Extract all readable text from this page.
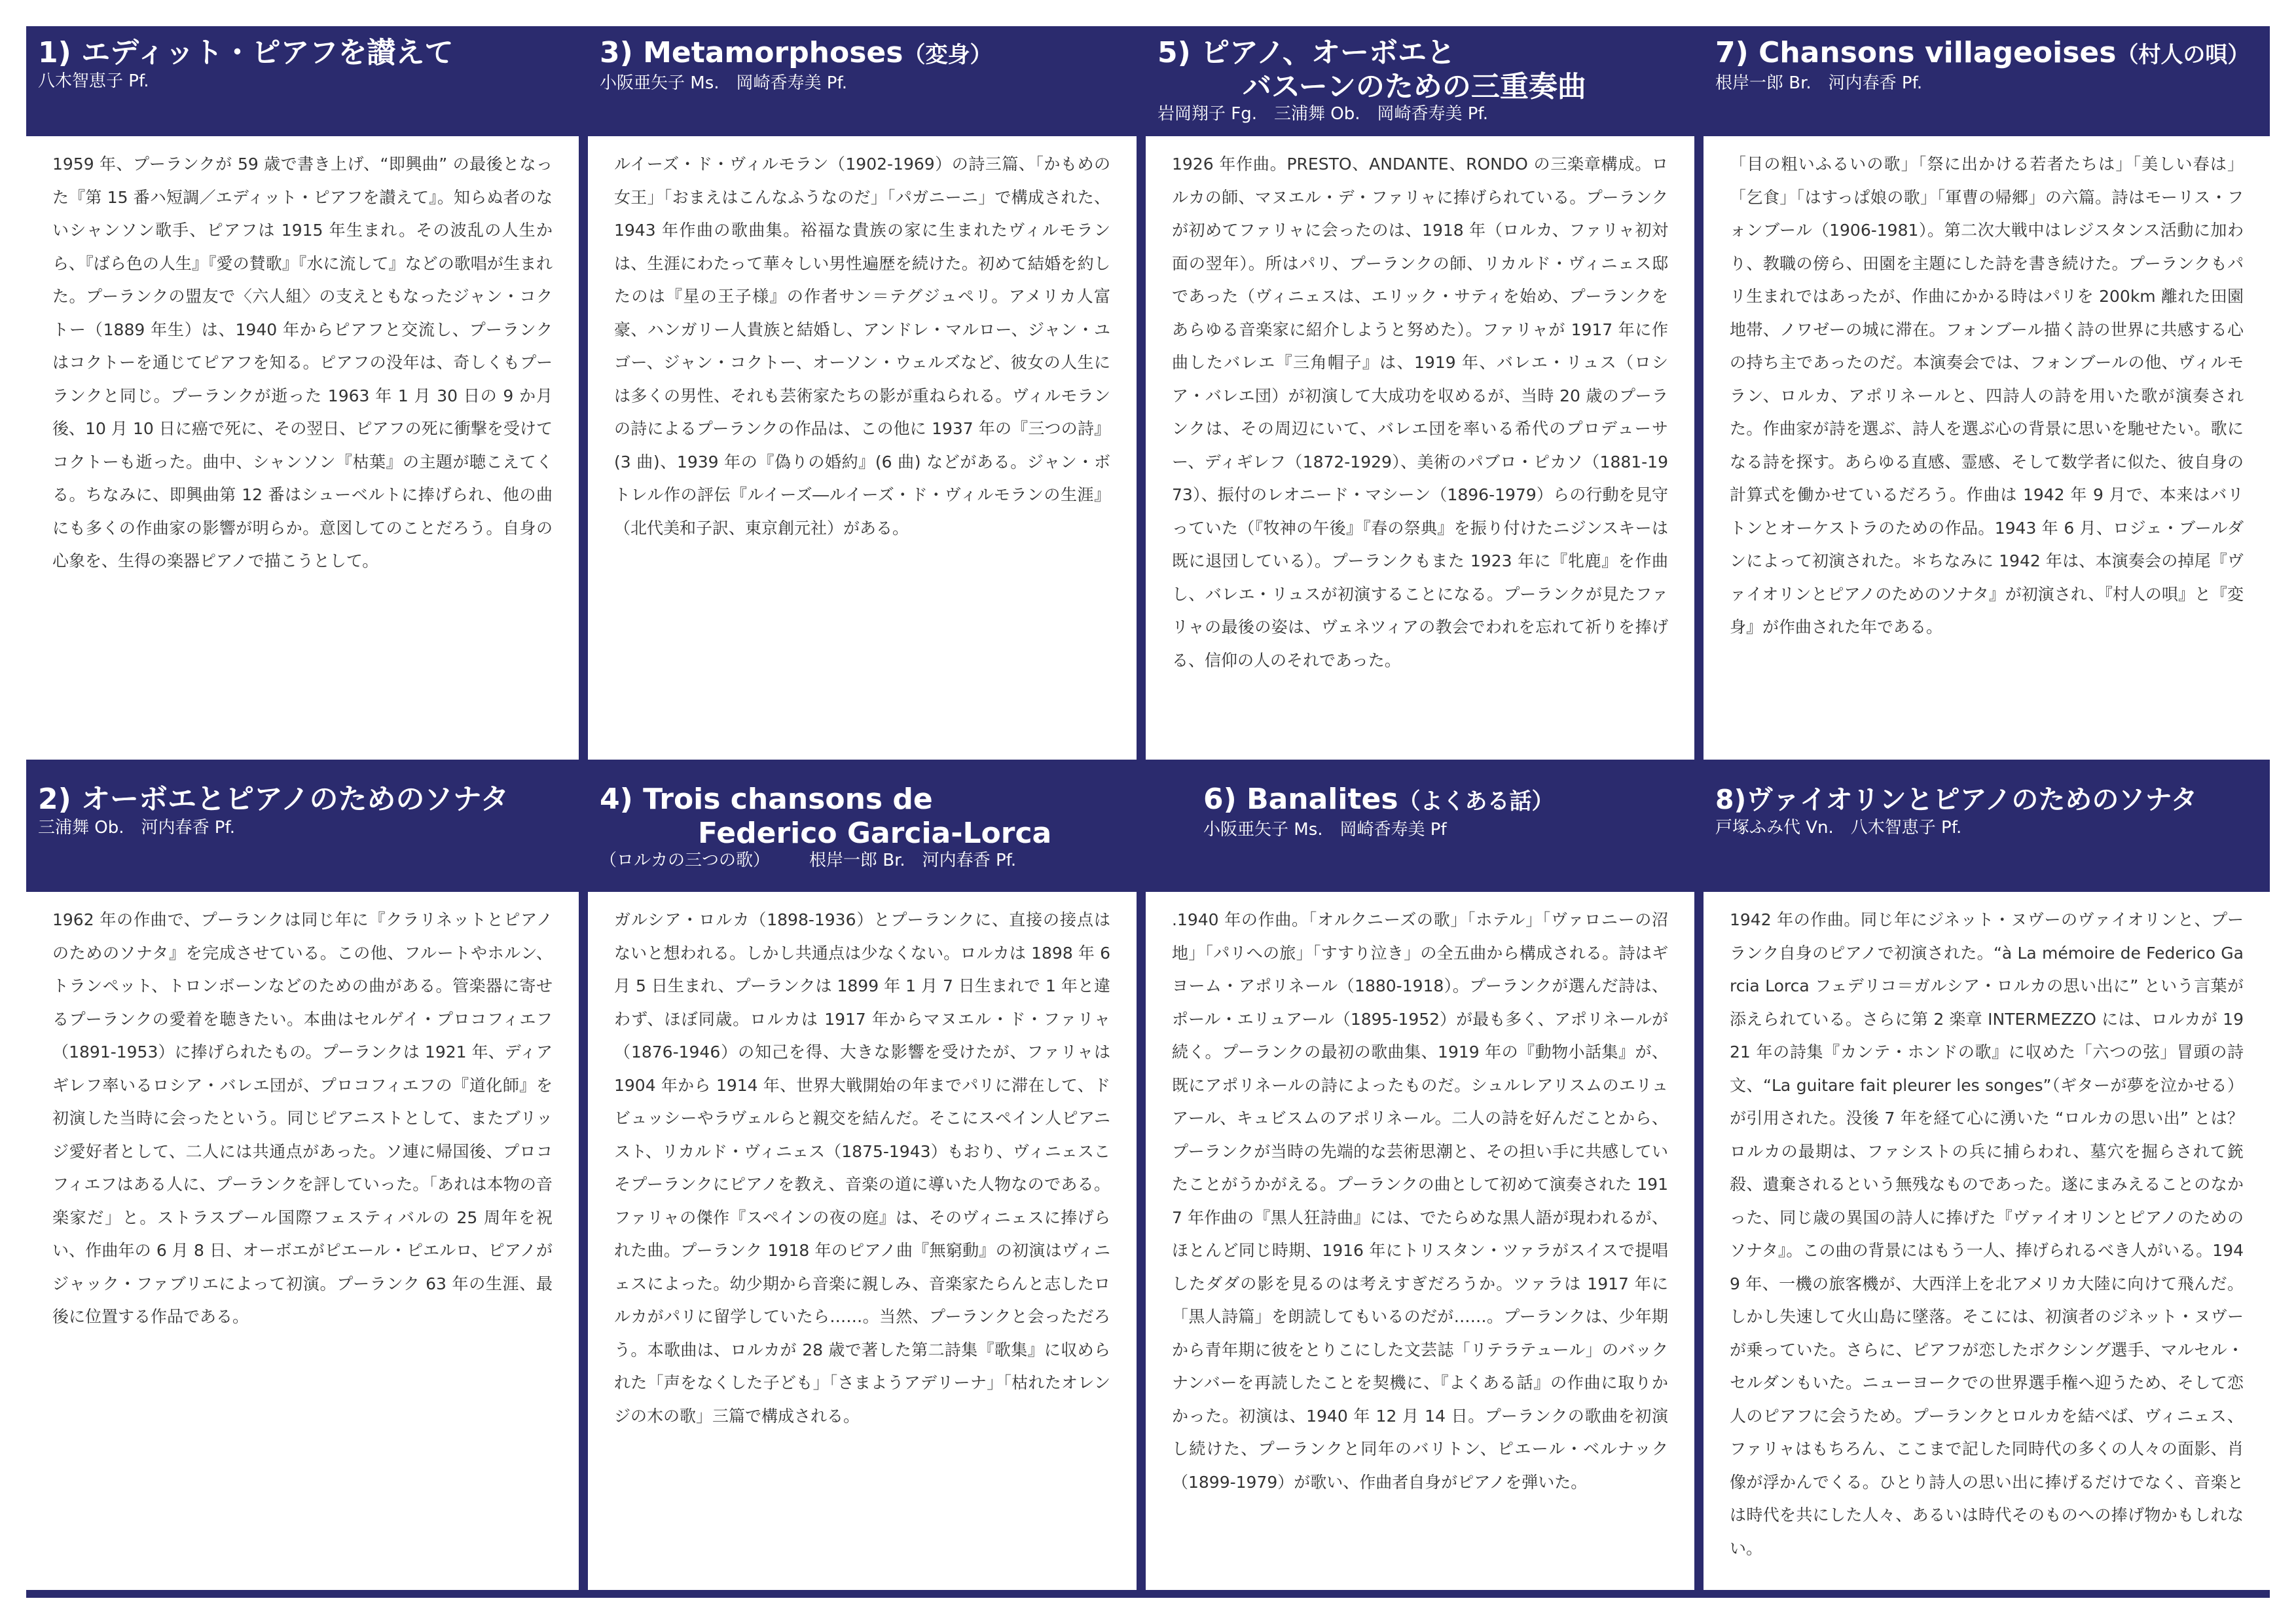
1) エディット・ピアフを讃えて
八木智恵子 Pf.

1959 年、プーランクが 59 歳で書き上げ、“即興曲” の最後となった『第 15 番ハ短調／エディット・ピアフを讃えて』。知らぬ者のないシャンソン歌手、ピアフは 1915 年生まれ。その波乱の人生から、『ばら色の人生』『愛の賛歌』『水に流して』などの歌唱が生まれた。プーランクの盟友で〈六人組〉の支えともなったジャン・コクトー（1889 年生）は、1940 年からピアフと交流し、プーランクはコクトーを通じてピアフを知る。ピアフの没年は、奇しくもプーランクと同じ。プーランクが逝った 1963 年 1 月 30 日の 9 か月後、10 月 10 日に癌で死に、その翌日、ピアフの死に衝撃を受けてコクトーも逝った。曲中、シャンソン『枯葉』の主題が聴こえてくる。ちなみに、即興曲第 12 番はシューベルトに捧げられ、他の曲にも多くの作曲家の影響が明らか。意図してのことだろう。自身の心象を、生得の楽器ピアノで描こうとして。

3) Metamorphoses（変身）
小阪亜矢子 Ms.　岡崎香寿美 Pf.

ルイーズ・ド・ヴィルモラン（1902-1969）の詩三篇、「かもめの女王」「おまえはこんなふうなのだ」「パガニーニ」で構成された、1943 年作曲の歌曲集。裕福な貴族の家に生まれたヴィルモランは、生涯にわたって華々しい男性遍歴を続けた。初めて結婚を約したのは『星の王子様』の作者サン＝テグジュペリ。アメリカ人富豪、ハンガリー人貴族と結婚し、アンドレ・マルロー、ジャン・ユゴー、ジャン・コクトー、オーソン・ウェルズなど、彼女の人生には多くの男性、それも芸術家たちの影が重ねられる。ヴィルモランの詩によるプーランクの作品は、この他に 1937 年の『三つの詩』(3 曲)、1939 年の『偽りの婚約』(6 曲) などがある。ジャン・ボトレル作の評伝『ルイーズ―ルイーズ・ド・ヴィルモランの生涯』（北代美和子訳、東京創元社）がある。

5) ピアノ、オーボエと
バスーンのための三重奏曲
岩岡翔子 Fg.　三浦舞 Ob.　岡崎香寿美 Pf.

1926 年作曲。PRESTO、ANDANTE、RONDO の三楽章構成。ロルカの師、マヌエル・デ・ファリャに捧げられている。プーランクが初めてファリャに会ったのは、1918 年（ロルカ、ファリャ初対面の翌年）。所はパリ、プーランクの師、リカルド・ヴィニェス邸であった（ヴィニェスは、エリック・サティを始め、プーランクをあらゆる音楽家に紹介しようと努めた）。ファリャが 1917 年に作曲したバレエ『三角帽子』は、1919 年、バレエ・リュス（ロシア・バレエ団）が初演して大成功を収めるが、当時 20 歳のプーランクは、その周辺にいて、バレエ団を率いる希代のプロデューサー、ディギレフ（1872-1929）、美術のパブロ・ピカソ（1881-1973）、振付のレオニード・マシーン（1896-1979）らの行動を見守っていた（『牧神の午後』『春の祭典』を振り付けたニジンスキーは既に退団している）。プーランクもまた 1923 年に『牝鹿』を作曲し、バレエ・リュスが初演することになる。プーランクが見たファリャの最後の姿は、ヴェネツィアの教会でわれを忘れて祈りを捧げる、信仰の人のそれであった。

7) Chansons villageoises（村人の唄）
根岸一郎 Br.　河内春香 Pf.

「目の粗いふるいの歌」「祭に出かける若者たちは」「美しい春は」「乞食」「はすっぱ娘の歌」「軍曹の帰郷」の六篇。詩はモーリス・フォンブール（1906-1981）。第二次大戦中はレジスタンス活動に加わり、教職の傍ら、田園を主題にした詩を書き続けた。プーランクもパリ生まれではあったが、作曲にかかる時はパリを 200km 離れた田園地帯、ノワゼーの城に滞在。フォンブール描く詩の世界に共感する心の持ち主であったのだ。本演奏会では、フォンブールの他、ヴィルモラン、ロルカ、アポリネールと、四詩人の詩を用いた歌が演奏された。作曲家が詩を選ぶ、詩人を選ぶ心の背景に思いを馳せたい。歌になる詩を探す。あらゆる直感、霊感、そして数学者に似た、彼自身の計算式を働かせているだろう。作曲は 1942 年 9 月で、本来はバリトンとオーケストラのための作品。1943 年 6 月、ロジェ・ブールダンによって初演された。＊ちなみに 1942 年は、本演奏会の掉尾『ヴァイオリンとピアノのためのソナタ』が初演され、『村人の唄』と『変身』が作曲された年である。

2) オーボエとピアノのためのソナタ
三浦舞 Ob.　河内春香 Pf.

1962 年の作曲で、プーランクは同じ年に『クラリネットとピアノのためのソナタ』を完成させている。この他、フルートやホルン、トランペット、トロンボーンなどのための曲がある。管楽器に寄せるプーランクの愛着を聴きたい。本曲はセルゲイ・プロコフィエフ（1891-1953）に捧げられたもの。プーランクは 1921 年、ディアギレフ率いるロシア・バレエ団が、プロコフィエフの『道化師』を初演した当時に会ったという。同じピアニストとして、またブリッジ愛好者として、二人には共通点があった。ソ連に帰国後、プロコフィエフはある人に、プーランクを評していった。「あれは本物の音楽家だ」と。ストラスブール国際フェスティバルの 25 周年を祝い、作曲年の 6 月 8 日、オーボエがピエール・ピエルロ、ピアノがジャック・ファブリエによって初演。プーランク 63 年の生涯、最後に位置する作品である。

4) Trois chansons de
Federico Garcia-Lorca
（ロルカの三つの歌） 根岸一郎 Br.　河内春香 Pf.

ガルシア・ロルカ（1898-1936）とプーランクに、直接の接点はないと想われる。しかし共通点は少なくない。ロルカは 1898 年 6 月 5 日生まれ、プーランクは 1899 年 1 月 7 日生まれで 1 年と違わず、ほぼ同歳。ロルカは 1917 年からマヌエル・ド・ファリャ（1876-1946）の知己を得、大きな影響を受けたが、ファリャは 1904 年から 1914 年、世界大戦開始の年までパリに滞在して、ドビュッシーやラヴェルらと親交を結んだ。そこにスペイン人ピアニスト、リカルド・ヴィニェス（1875-1943）もおり、ヴィニェスこそプーランクにピアノを教え、音楽の道に導いた人物なのである。ファリャの傑作『スペインの夜の庭』は、そのヴィニェスに捧げられた曲。プーランク 1918 年のピアノ曲『無窮動』の初演はヴィニェスによった。幼少期から音楽に親しみ、音楽家たらんと志したロルカがパリに留学していたら……。当然、プーランクと会っただろう。本歌曲は、ロルカが 28 歳で著した第二詩集『歌集』に収められた「声をなくした子ども」「さまようアデリーナ」「枯れたオレンジの木の歌」三篇で構成される。

6) Banalites（よくある話）
小阪亜矢子 Ms.　岡崎香寿美 Pf

.1940 年の作曲。「オルクニーズの歌」「ホテル」「ヴァロニーの沼地」「パリへの旅」「すすり泣き」の全五曲から構成される。詩はギヨーム・アポリネール（1880-1918）。プーランクが選んだ詩は、ポール・エリュアール（1895-1952）が最も多く、アポリネールが続く。プーランクの最初の歌曲集、1919 年の『動物小話集』が、既にアポリネールの詩によったものだ。シュルレアリスムのエリュアール、キュビスムのアポリネール。二人の詩を好んだことから、プーランクが当時の先端的な芸術思潮と、その担い手に共感していたことがうかがえる。プーランクの曲として初めて演奏された 1917 年作曲の『黒人狂詩曲』には、でたらめな黒人語が現われるが、ほとんど同じ時期、1916 年にトリスタン・ツァラがスイスで提唱したダダの影を見るのは考えすぎだろうか。ツァラは 1917 年に「黒人詩篇」を朗読してもいるのだが……。プーランクは、少年期から青年期に彼をとりこにした文芸誌「リテラテュール」のバックナンバーを再読したことを契機に、『よくある話』の作曲に取りかかった。初演は、1940 年 12 月 14 日。プーランクの歌曲を初演し続けた、プーランクと同年のバリトン、ピエール・ベルナック（1899-1979）が歌い、作曲者自身がピアノを弾いた。

8)ヴァイオリンとピアノのためのソナタ
戸塚ふみ代 Vn.　八木智恵子 Pf.

1942 年の作曲。同じ年にジネット・ヌヴーのヴァイオリンと、プーランク自身のピアノで初演された。“à La mémoire de Federico Garcia Lorca フェデリコ＝ガルシア・ロルカの思い出に” という言葉が添えられている。さらに第 2 楽章 INTERMEZZO には、ロルカが 1921 年の詩集『カンテ・ホンドの歌』に収めた「六つの弦」冒頭の詩文、“La guitare fait pleurer les songes”（ギターが夢を泣かせる）が引用された。没後 7 年を経て心に湧いた “ロルカの思い出” とは？　ロルカの最期は、ファシストの兵に捕らわれ、墓穴を掘らされて銃殺、遺棄されるという無残なものであった。遂にまみえることのなかった、同じ歳の異国の詩人に捧げた『ヴァイオリンとピアノのためのソナタ』。この曲の背景にはもう一人、捧げられるべき人がいる。1949 年、一機の旅客機が、大西洋上を北アメリカ大陸に向けて飛んだ。しかし失速して火山島に墜落。そこには、初演者のジネット・ヌヴーが乗っていた。さらに、ピアフが恋したボクシング選手、マルセル・セルダンもいた。ニューヨークでの世界選手権へ迎うため、そして恋人のピアフに会うため。プーランクとロルカを結べば、ヴィニェス、ファリャはもちろん、ここまで記した同時代の多くの人々の面影、肖像が浮かんでくる。ひとり詩人の思い出に捧げるだけでなく、音楽とは時代を共にした人々、あるいは時代そのものへの捧げ物かもしれない。
